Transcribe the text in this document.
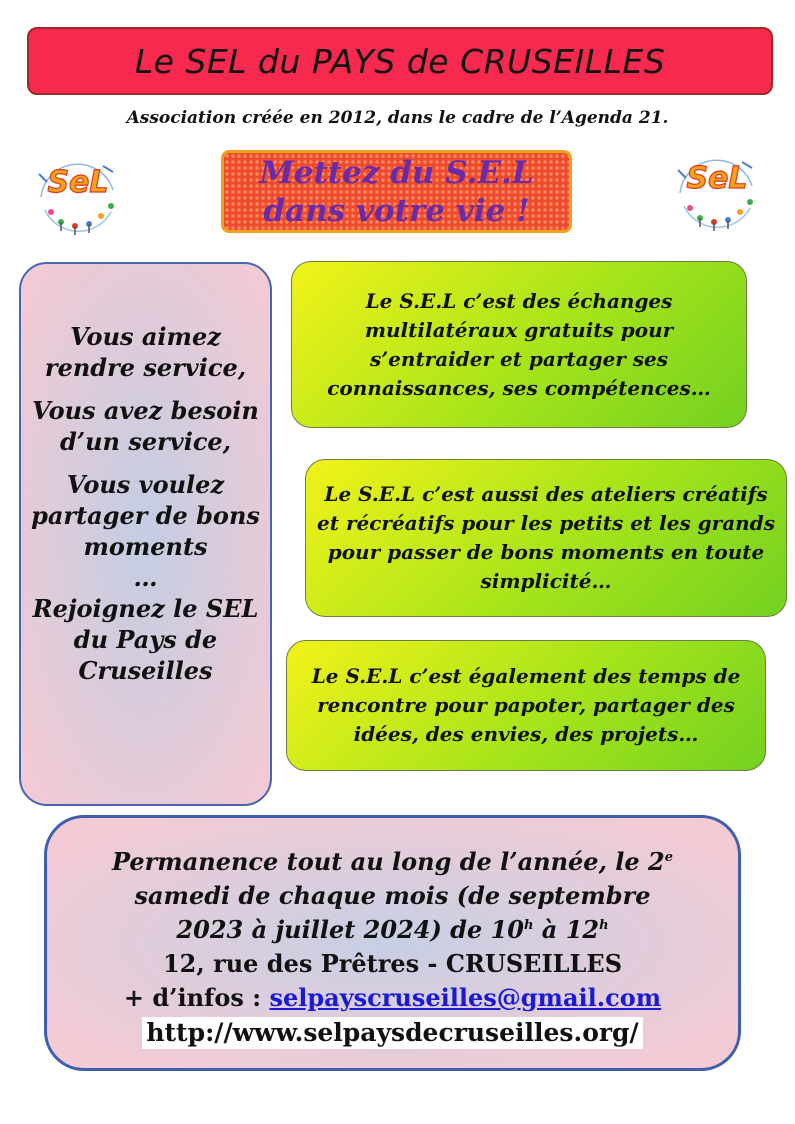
Le SEL du PAYS de CRUSEILLES
Association créée en 2012, dans le cadre de l’Agenda 21.
SeL	Mettez du S.E.L
dans votre vie !
SeL

Vous aimez rendre service,

Vous avez besoin d’un service,

Vous voulez partager de bons moments

…

Rejoignez le SEL du Pays de Cruseilles

Le S.E.L c’est des échanges multilatéraux gratuits pour s’entraider et partager ses connaissances, ses compétences…
Le S.E.L c’est aussi des ateliers créatifs et récréatifs pour les petits et les grands pour passer de bons moments en toute simplicité…
Le S.E.L c’est également des temps de rencontre pour papoter, partager des idées, des envies, des projets…
Permanence tout au long de l’année, le 2e
samedi de chaque mois (de septembre
2023 à juillet 2024) de 10$^h$ à 12$^h$
12, rue des Prêtres - CRUSEILLES
+ d’infos : selpayscruseilles@gmail.com
http://www.selpaysdecruseilles.org/
